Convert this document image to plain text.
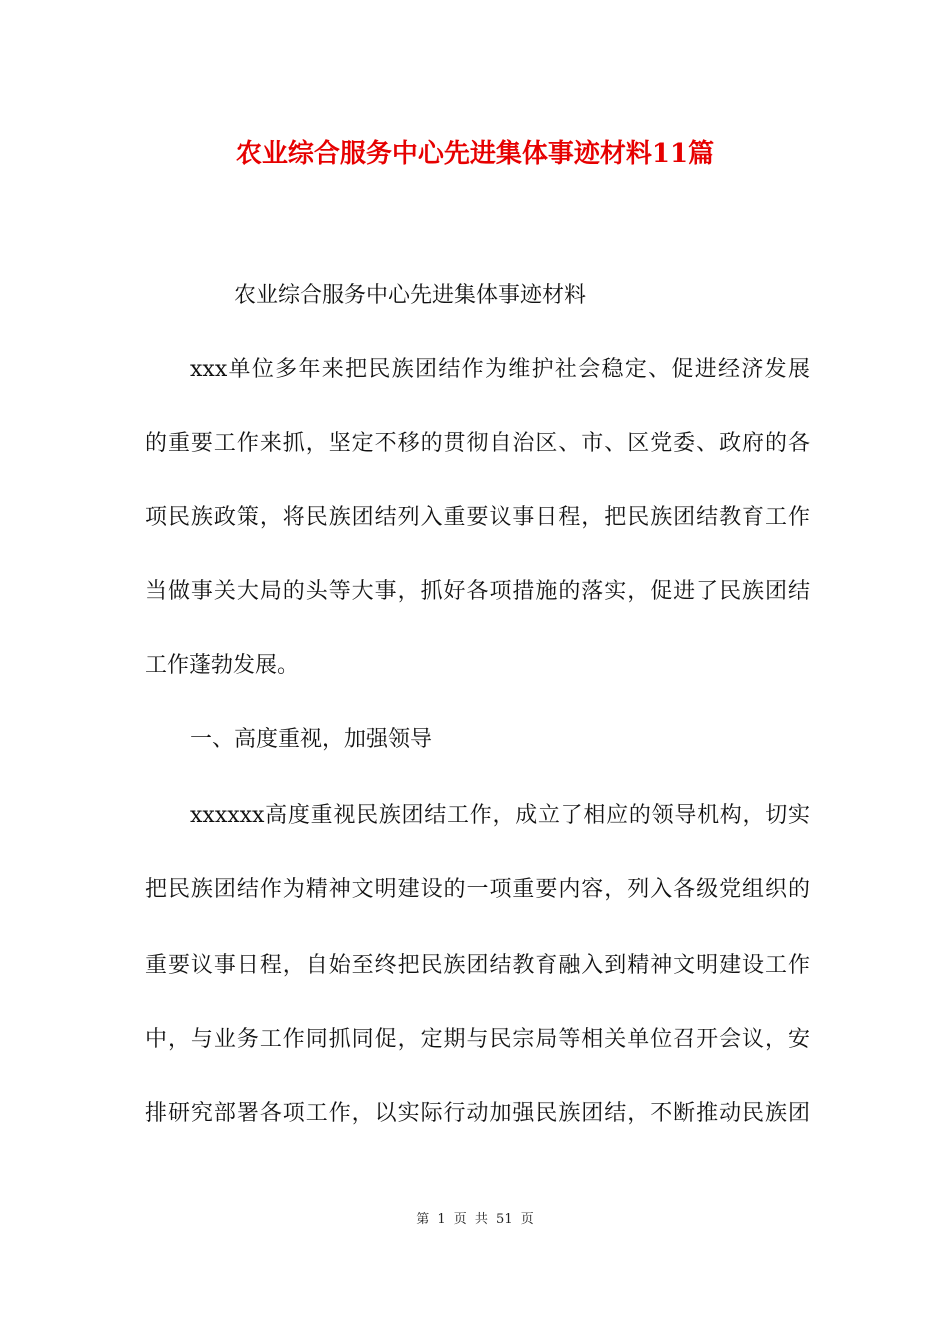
农业综合服务中心先进集体事迹材料11篇

农业综合服务中心先进集体事迹材料

xxx单位多年来把民族团结作为维护社会稳定、促进经济发展

的重要工作来抓，坚定不移的贯彻自治区、市、区党委、政府的各

项民族政策，将民族团结列入重要议事日程，把民族团结教育工作

当做事关大局的头等大事，抓好各项措施的落实，促进了民族团结

工作蓬勃发展。

一、高度重视，加强领导

xxxxxx高度重视民族团结工作，成立了相应的领导机构，切实

把民族团结作为精神文明建设的一项重要内容，列入各级党组织的

重要议事日程，自始至终把民族团结教育融入到精神文明建设工作

中，与业务工作同抓同促，定期与民宗局等相关单位召开会议，安

排研究部署各项工作，以实际行动加强民族团结，不断推动民族团

第 1 页 共 51 页
